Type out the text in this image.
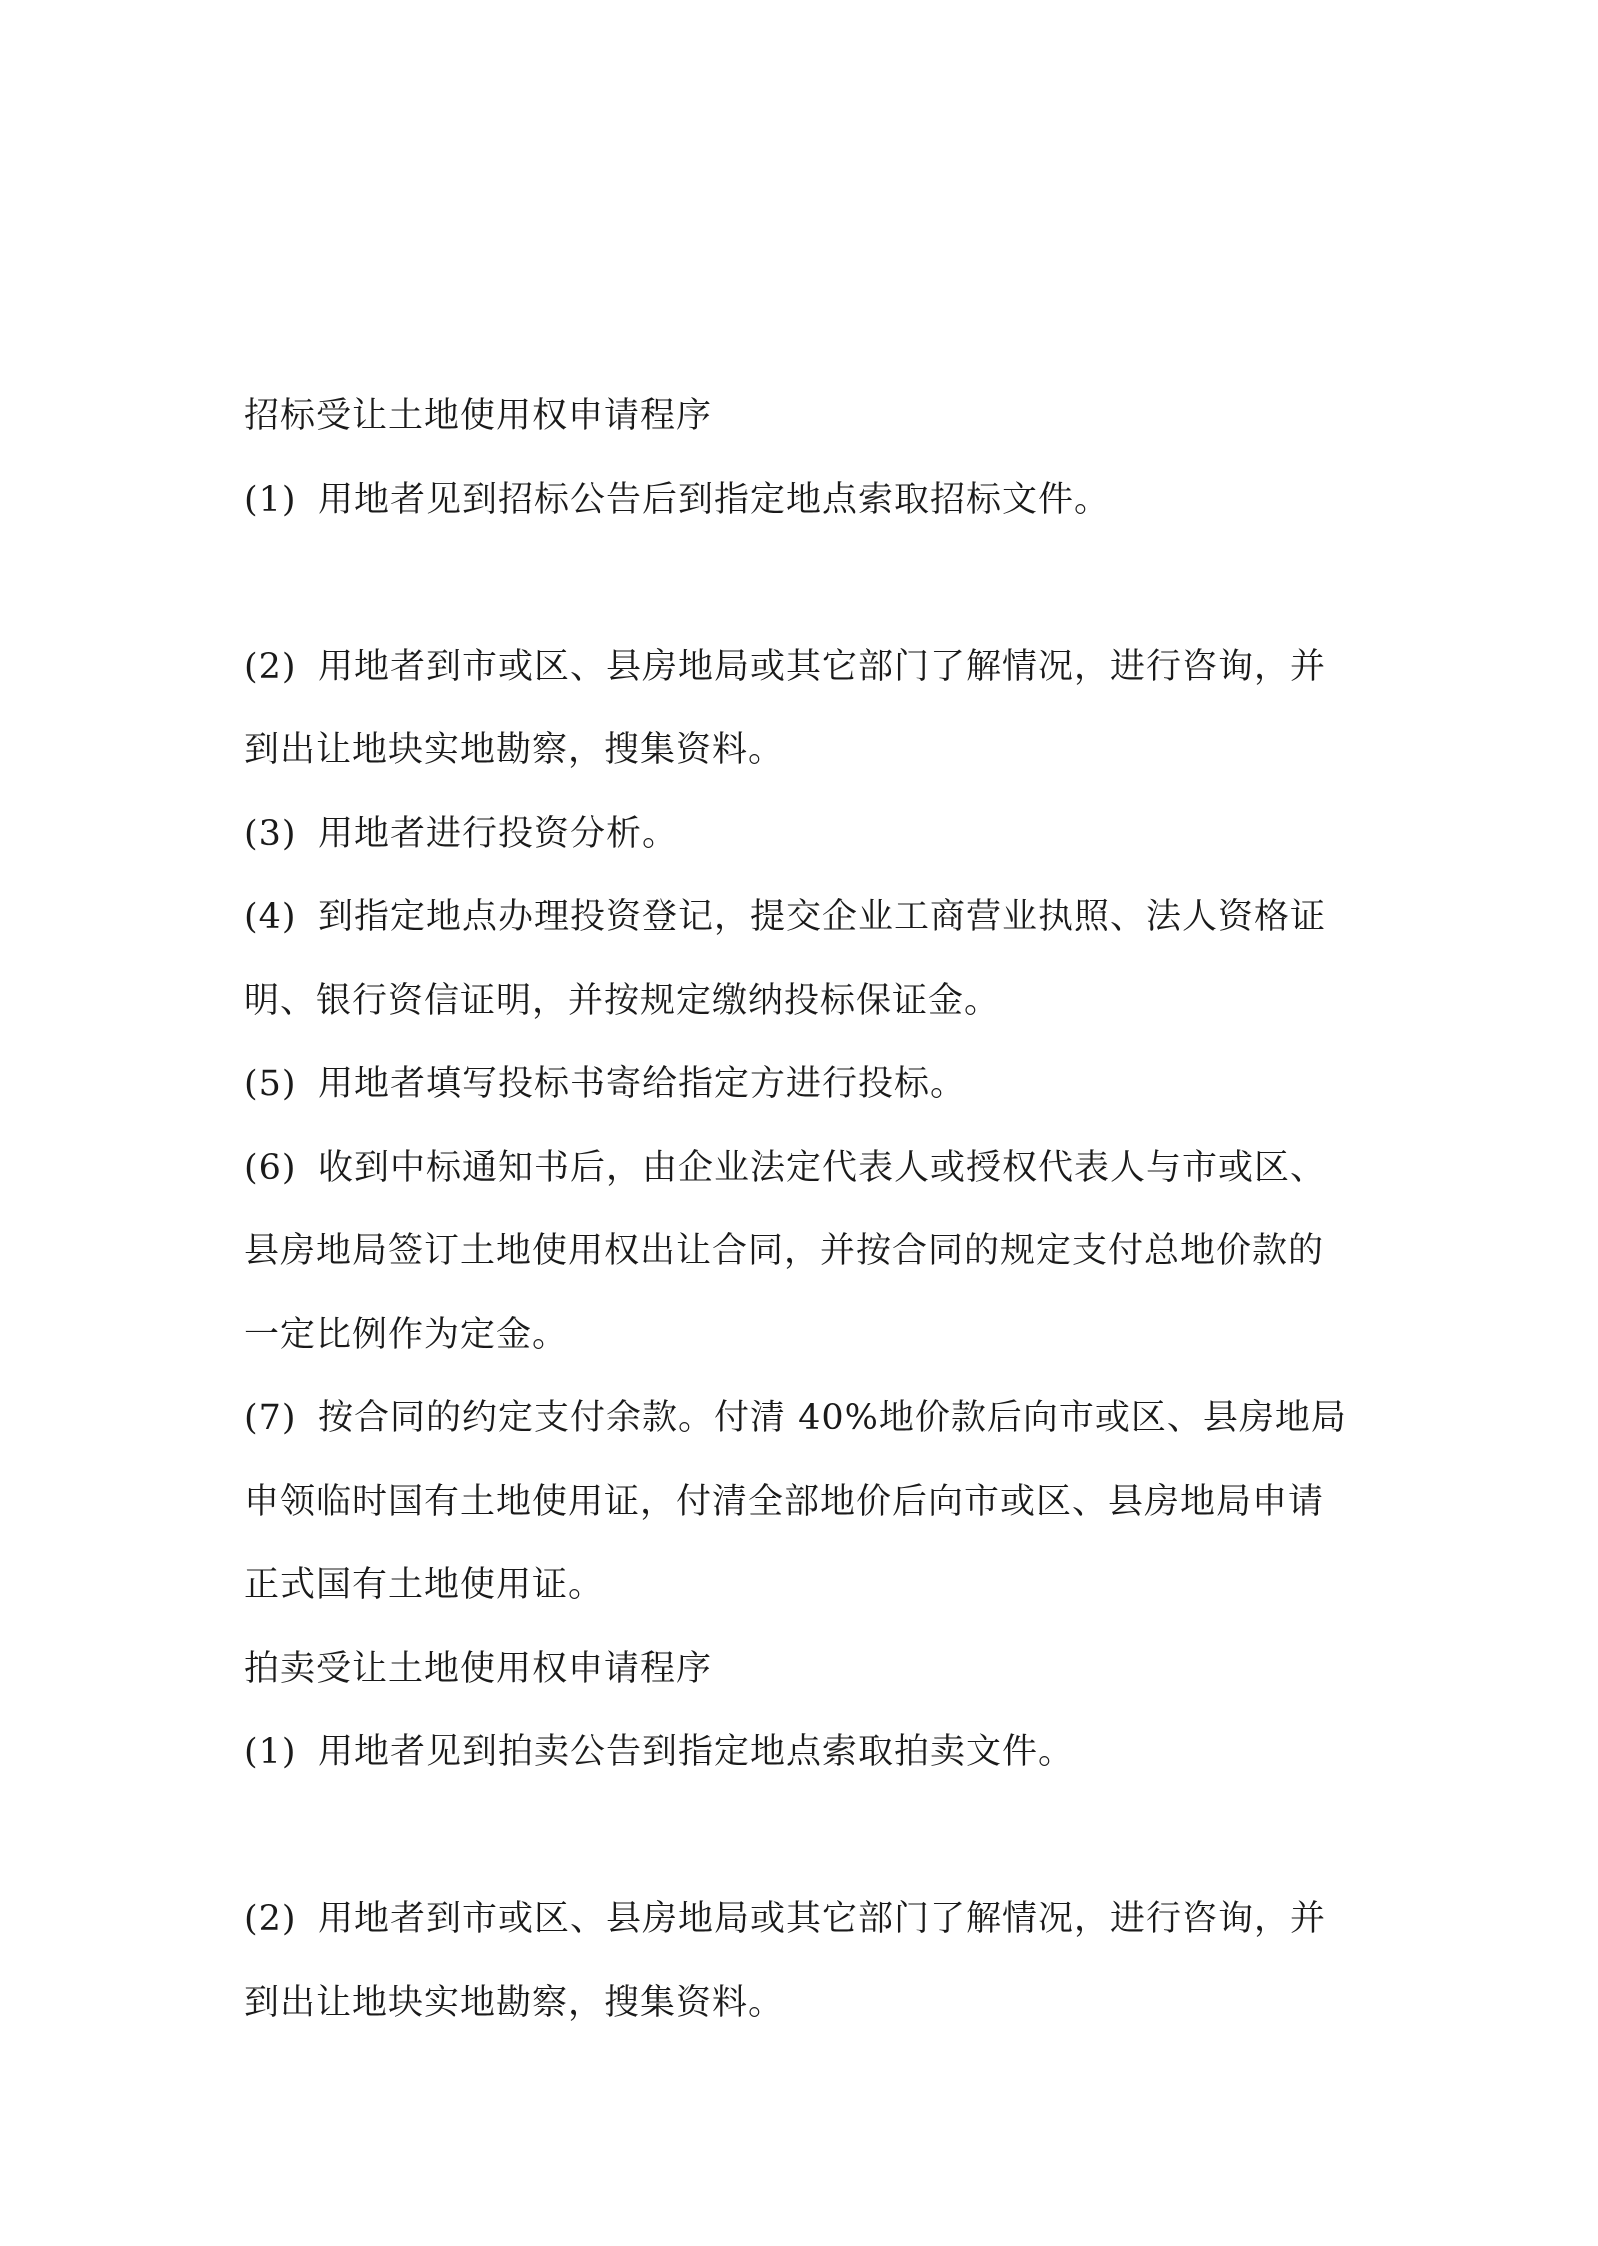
招标受让土地使用权申请程序
(1) 用地者见到招标公告后到指定地点索取招标文件。
(2) 用地者到市或区、县房地局或其它部门了解情况，进行咨询，并
到出让地块实地勘察，搜集资料。
(3) 用地者进行投资分析。
(4) 到指定地点办理投资登记，提交企业工商营业执照、法人资格证
明、银行资信证明，并按规定缴纳投标保证金。
(5) 用地者填写投标书寄给指定方进行投标。
(6) 收到中标通知书后，由企业法定代表人或授权代表人与市或区、
县房地局签订土地使用权出让合同，并按合同的规定支付总地价款的
一定比例作为定金。
(7) 按合同的约定支付余款。付清 40%地价款后向市或区、县房地局
申领临时国有土地使用证，付清全部地价后向市或区、县房地局申请
正式国有土地使用证。
拍卖受让土地使用权申请程序
(1) 用地者见到拍卖公告到指定地点索取拍卖文件。
(2) 用地者到市或区、县房地局或其它部门了解情况，进行咨询，并
到出让地块实地勘察，搜集资料。
